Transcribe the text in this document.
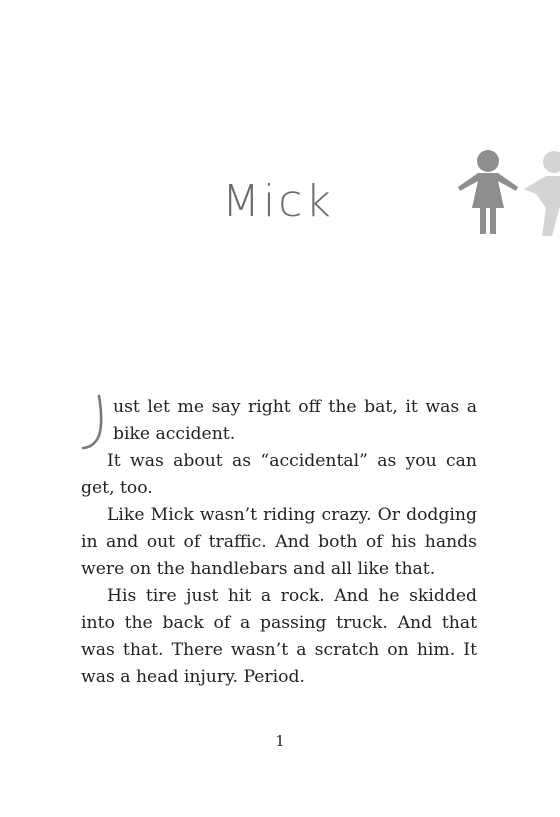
Mick

ust let me say right off the bat, it was a bike accident.

It was about as “accidental” as you can get, too.

Like Mick wasn’t riding crazy. Or dodging in and out of traffic. And both of his hands were on the handlebars and all like that.

His tire just hit a rock. And he skidded into the back of a passing truck. And that was that. There wasn’t a scratch on him. It was a head injury. Period.

1
